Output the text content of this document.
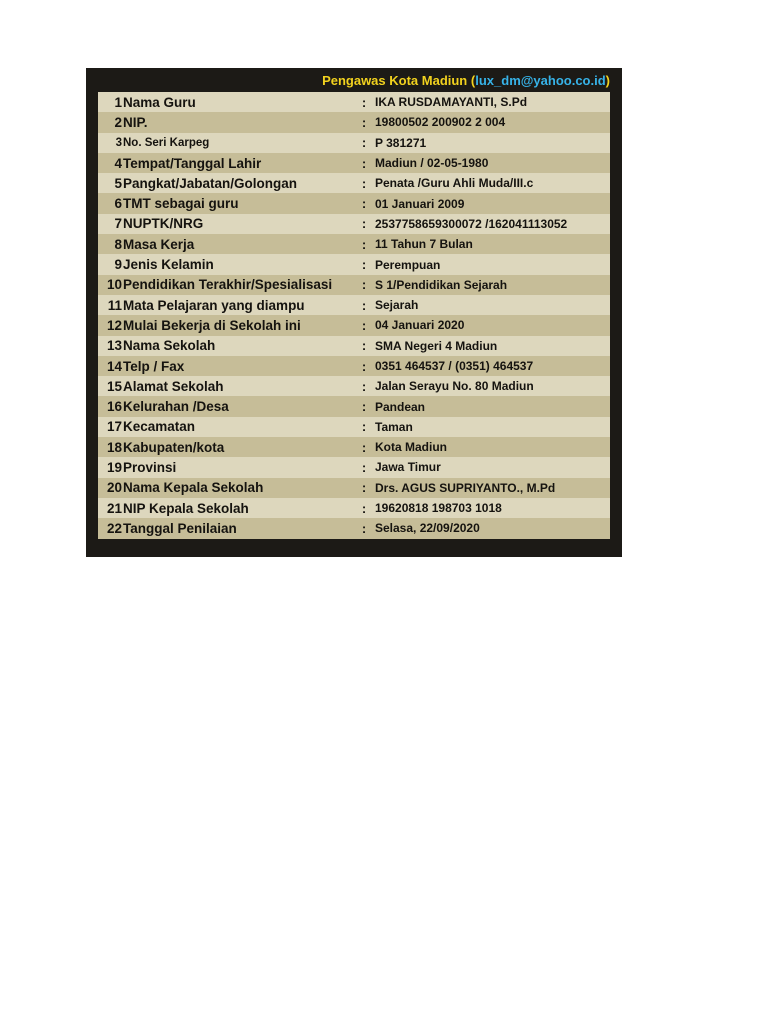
Pengawas Kota Madiun
( lux_dm@yahoo.co.id )
1 Nama Guru	: IKA RUSDAMAYANTI, S.Pd
2 NIP.	: 19800502 200902 2 004
3 No. Seri Karpeg	: P 381271
4 Tempat/Tanggal Lahir	: Madiun / 02-05-1980
5 Pangkat/Jabatan/Golongan	: Penata /Guru Ahli Muda/III.c
6 TMT sebagai guru	: 01 Januari 2009
7 NUPTK/NRG	: 2537758659300072 /162041113052
8 Masa Kerja	: 11 Tahun 7 Bulan
9 Jenis Kelamin	: Perempuan
10 Pendidikan Terakhir/Spesialisasi	: S 1/Pendidikan Sejarah
11 Mata Pelajaran yang diampu	: Sejarah
12 Mulai Bekerja di Sekolah ini	: 04 Januari 2020
13 Nama Sekolah	: SMA Negeri 4 Madiun
14 Telp / Fax	: 0351 464537 / (0351) 464537
15 Alamat Sekolah	: Jalan Serayu No. 80 Madiun
16 Kelurahan /Desa	: Pandean
17 Kecamatan	: Taman
18 Kabupaten/kota	: Kota Madiun
19 Provinsi	: Jawa Timur
20 Nama Kepala Sekolah	: Drs. AGUS SUPRIYANTO., M.Pd
21 NIP Kepala Sekolah	: 19620818 198703 1018
22 Tanggal Penilaian	: Selasa, 22/09/2020
